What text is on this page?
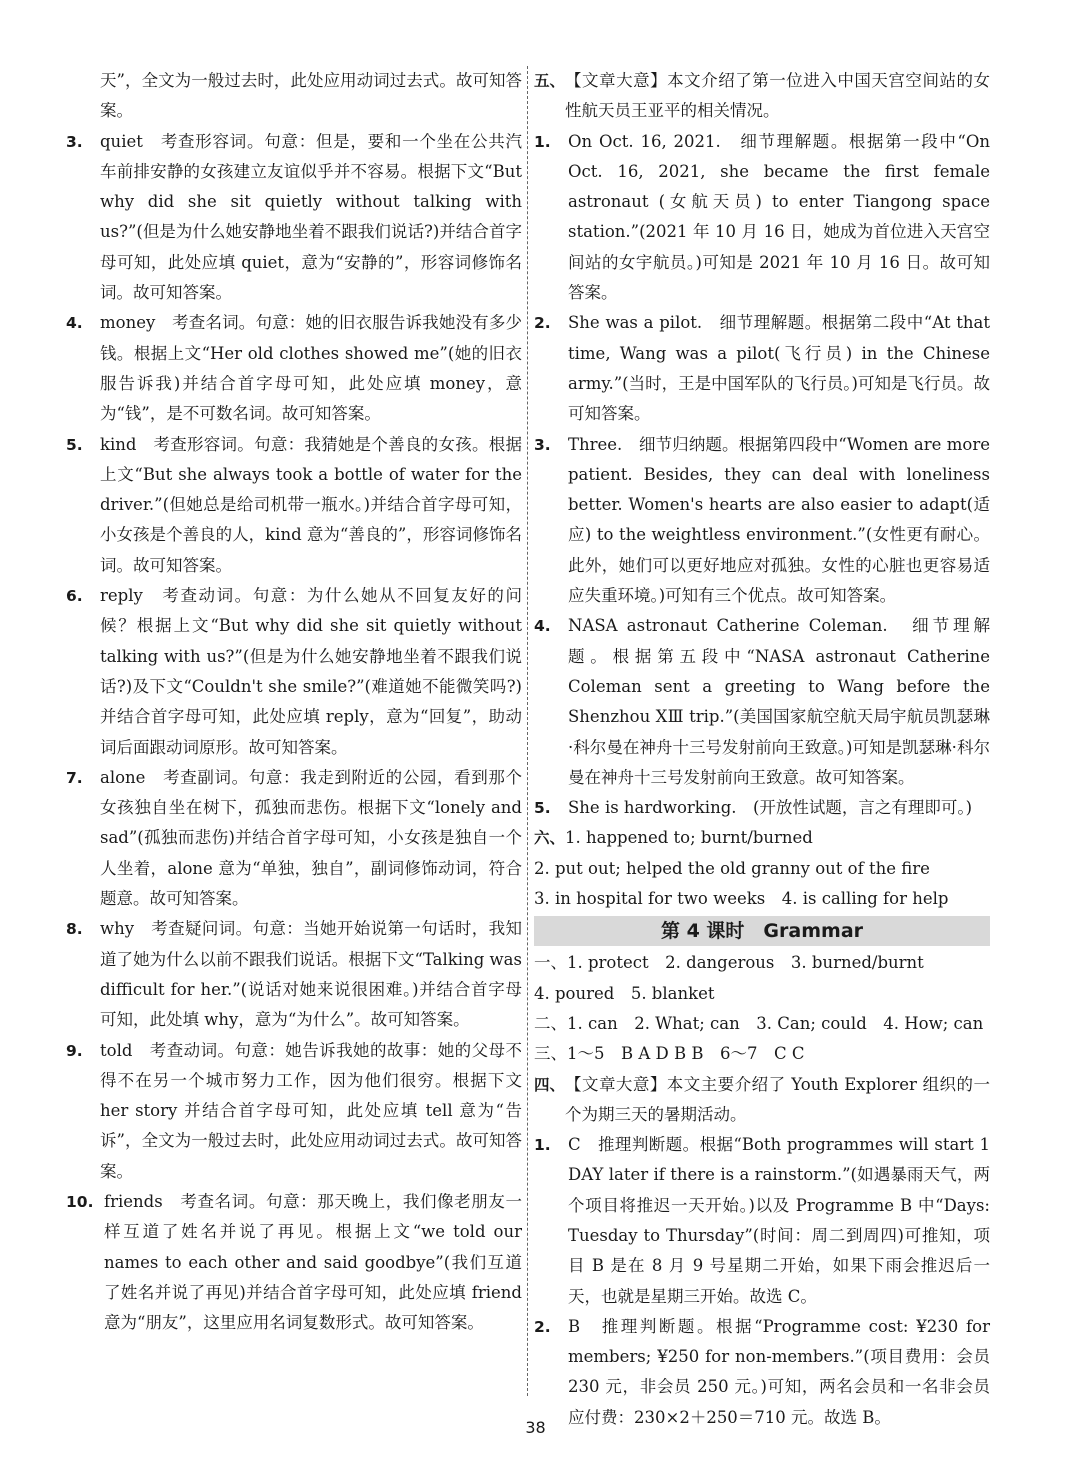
天”，全文为一般过去时，此处应用动词过去式。故可知答案。

3.	quiet　考查形容词。句意：但是，要和一个坐在公共汽车前排安静的女孩建立友谊似乎并不容易。根据下文“But why did she sit quietly without talking with us?”(但是为什么她安静地坐着不跟我们说话?)并结合首字母可知，此处应填 quiet，意为“安静的”，形容词修饰名词。故可知答案。
4.	money　考查名词。句意：她的旧衣服告诉我她没有多少钱。根据上文“Her old clothes showed me”(她的旧衣服告诉我)并结合首字母可知，此处应填 money，意为“钱”，是不可数名词。故可知答案。
5.	kind　考查形容词。句意：我猜她是个善良的女孩。根据上文“But she always took a bottle of water for the driver.”(但她总是给司机带一瓶水。)并结合首字母可知，小女孩是个善良的人，kind 意为“善良的”，形容词修饰名词。故可知答案。
6.	reply　考查动词。句意：为什么她从不回复友好的问候？根据上文“But why did she sit quietly without talking with us?”(但是为什么她安静地坐着不跟我们说话?)及下文“Couldn't she smile?”(难道她不能微笑吗?)并结合首字母可知，此处应填 reply，意为“回复”，助动词后面跟动词原形。故可知答案。
7.	alone　考查副词。句意：我走到附近的公园，看到那个女孩独自坐在树下，孤独而悲伤。根据下文“lonely and sad”(孤独而悲伤)并结合首字母可知，小女孩是独自一个人坐着，alone 意为“单独，独自”，副词修饰动词，符合题意。故可知答案。
8.	why　考查疑问词。句意：当她开始说第一句话时，我知道了她为什么以前不跟我们说话。根据下文“Talking was difficult for her.”(说话对她来说很困难。)并结合首字母可知，此处填 why，意为“为什么”。故可知答案。
9.	told　考查动词。句意：她告诉我她的故事：她的父母不得不在另一个城市努力工作，因为他们很穷。根据下文 her story 并结合首字母可知，此处应填 tell 意为“告诉”，全文为一般过去时，此处应用动词过去式。故可知答案。
10. friends　考查名词。句意：那天晚上，我们像老朋友一样互道了姓名并说了再见。根据上文“we told our names to each other and said goodbye”(我们互道了姓名并说了再见)并结合首字母可知，此处应填 friend 意为“朋友”，这里应用名词复数形式。故可知答案。
五、 【文章大意】本文介绍了第一位进入中国天宫空间站的女性航天员王亚平的相关情况。
1.	On Oct. 16, 2021.　细节理解题。根据第一段中“On Oct. 16, 2021, she became the first female astronaut (女航天员) to enter Tiangong space station.”(2021 年 10 月 16 日，她成为首位进入天宫空间站的女宇航员。)可知是 2021 年 10 月 16 日。故可知答案。
2.	She was a pilot.　细节理解题。根据第二段中“At that time, Wang was a pilot(飞行员) in the Chinese army.”(当时，王是中国军队的飞行员。)可知是飞行员。故可知答案。
3.	Three.　细节归纳题。根据第四段中“Women are more patient. Besides, they can deal with loneliness better. Women's hearts are also easier to adapt(适应) to the weightless environment.”(女性更有耐心。此外，她们可以更好地应对孤独。女性的心脏也更容易适应失重环境。)可知有三个优点。故可知答案。
4.	NASA astronaut Catherine Coleman.　细节理解题。根据第五段中“NASA astronaut Catherine Coleman sent a greeting to Wang before the Shenzhou ⅩⅢ trip.”(美国国家航空航天局宇航员凯瑟琳·科尔曼在神舟十三号发射前向王致意。)可知是凯瑟琳·科尔曼在神舟十三号发射前向王致意。故可知答案。
5.	She is hardworking.　(开放性试题，言之有理即可。)
六、 1. happened to; burnt/burned

2. put out; helped the old granny out of the fire

3. in hospital for two weeks　4. is calling for help

第 4 课时　Grammar

一、1. protect　2. dangerous　3. burned/burnt

4. poured　5. blanket

二、1. can　2. What; can　3. Can; could　4. How; can

三、1～5　B A D B B　6～7　C C

四、 【文章大意】本文主要介绍了 Youth Explorer 组织的一个为期三天的暑期活动。
1.	C　推理判断题。根据“Both programmes will start 1 DAY later if there is a rainstorm.”(如遇暴雨天气，两个项目将推迟一天开始。)以及 Programme B 中“Days: Tuesday to Thursday”(时间：周二到周四)可推知，项目 B 是在 8 月 9 号星期二开始，如果下雨会推迟后一天，也就是星期三开始。故选 C。
2.	B　推理判断题。根据“Programme cost: ¥230 for members; ¥250 for non-members.”(项目费用：会员 230 元，非会员 250 元。)可知，两名会员和一名非会员应付费：230×2＋250＝710 元。故选 B。
38
